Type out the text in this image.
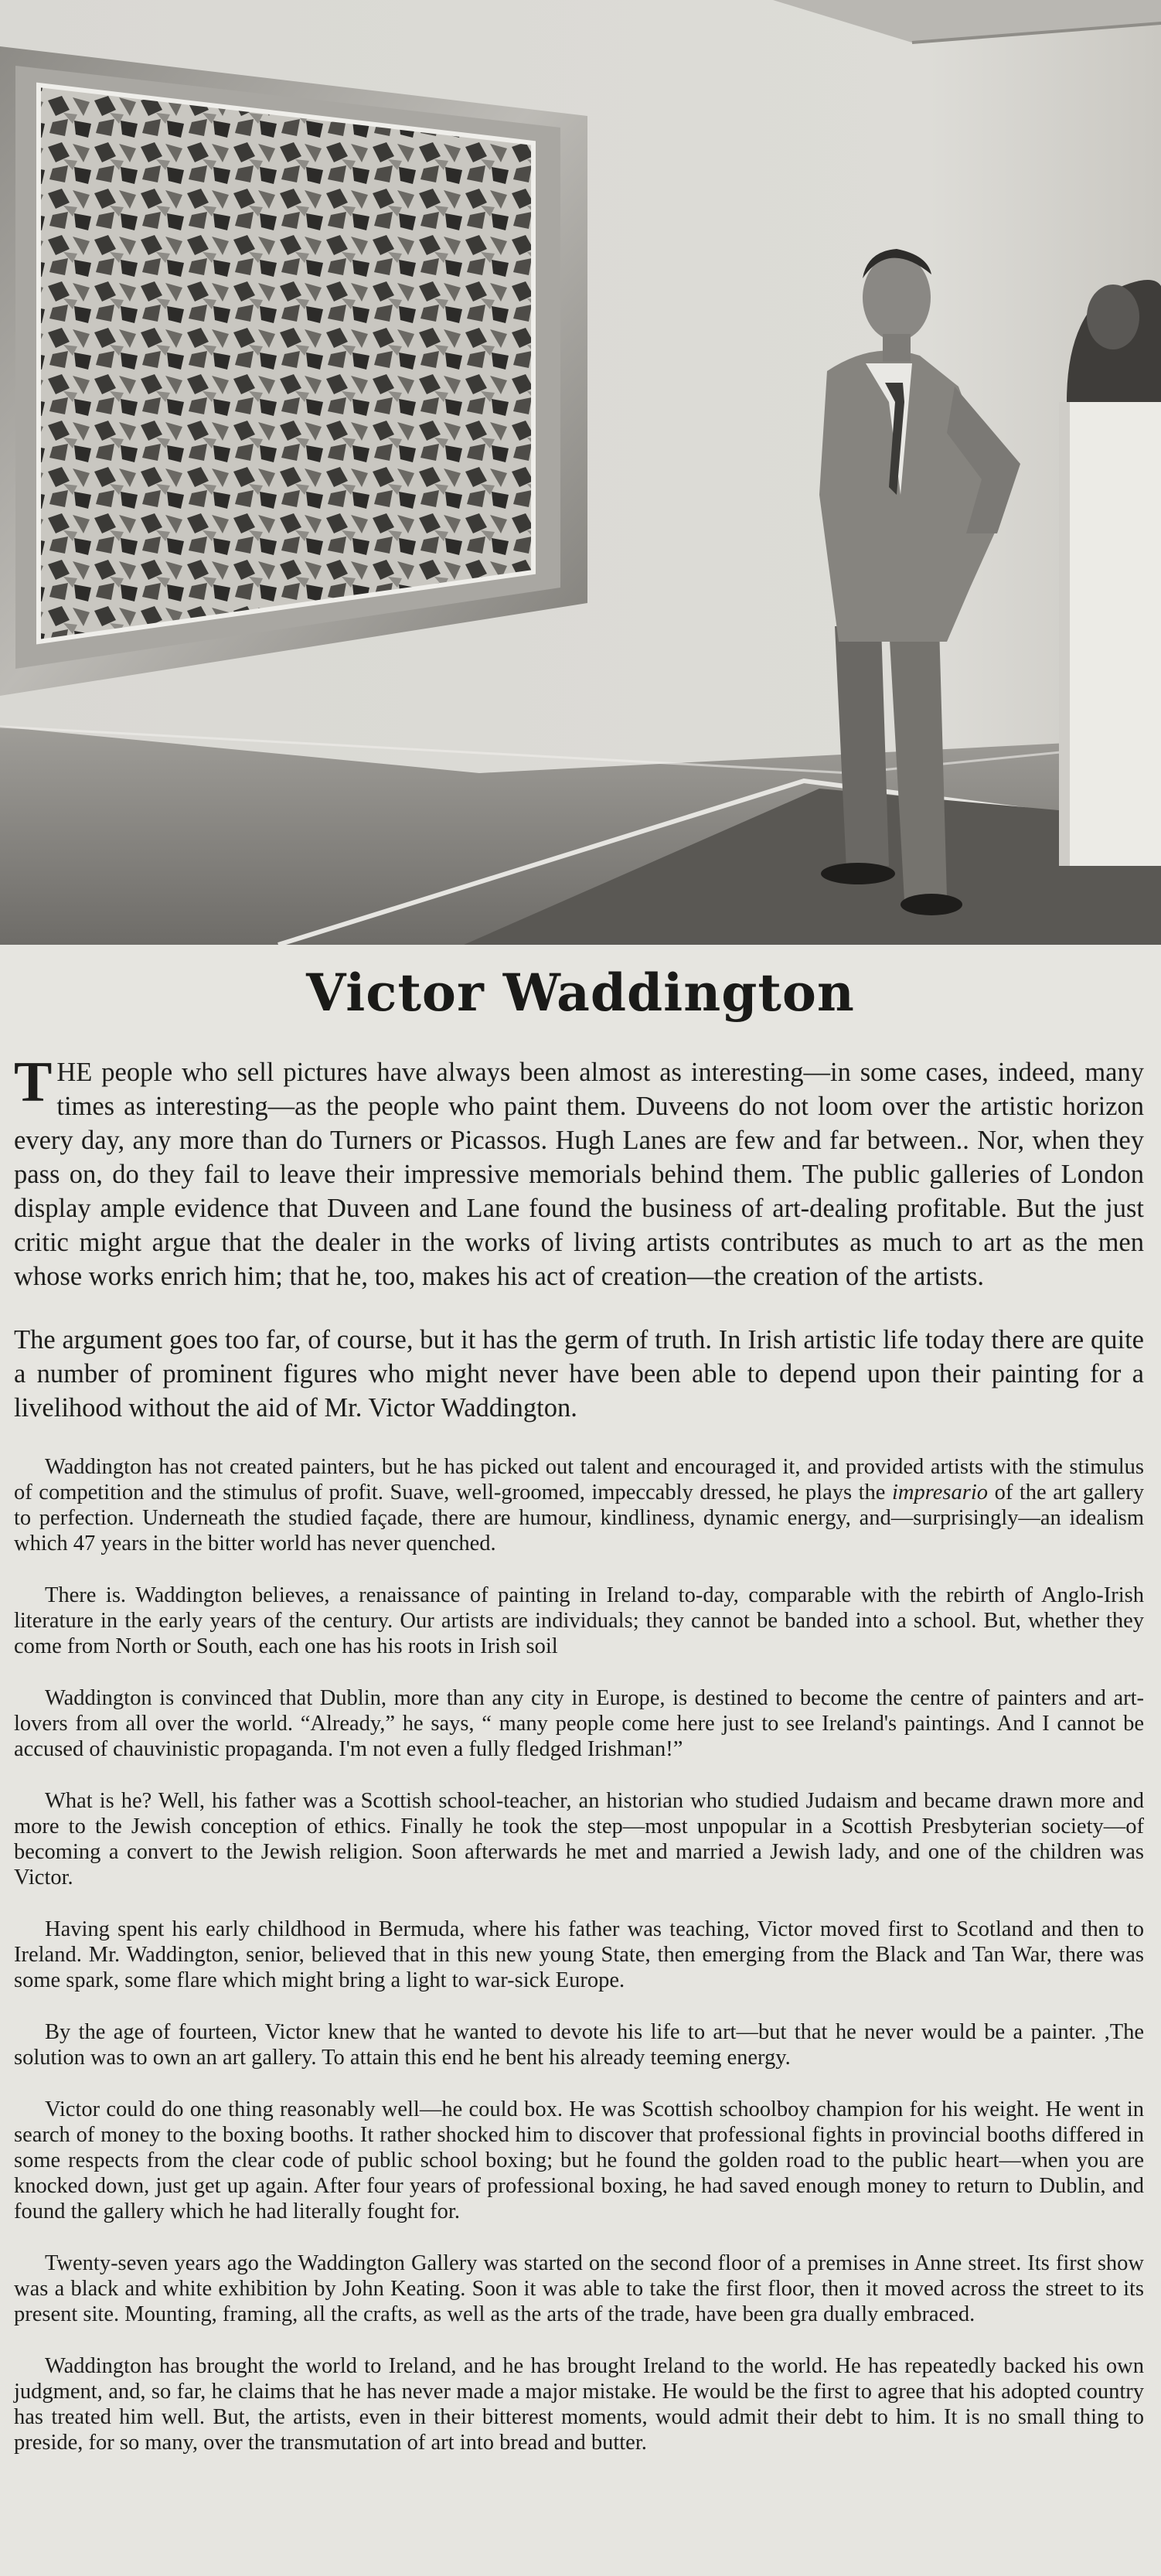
Victor Waddington

THE people who sell pictures have always been almost as interesting—in some cases, indeed, many times as interesting—as the people who paint them. Duveens do not loom over the artistic horizon every day, any more than do Turners or Picassos. Hugh Lanes are few and far between.. Nor, when they pass on, do they fail to leave their impressive memorials behind them. The public galleries of London display ample evidence that Duveen and Lane found the business of art-dealing profitable. But the just critic might argue that the dealer in the works of living artists contributes as much to art as the men whose works enrich him; that he, too, makes his act of creation—the creation of the artists.

The argument goes too far, of course, but it has the germ of truth. In Irish artistic life today there are quite a number of prominent figures who might never have been able to depend upon their painting for a livelihood without the aid of Mr. Victor Waddington.

Waddington has not created painters, but he has picked out talent and encouraged it, and provided artists with the stimulus of competition and the stimulus of profit. Suave, well-groomed, impeccably dressed, he plays the impresario of the art gallery to perfection. Underneath the studied façade, there are humour, kindliness, dynamic energy, and—surprisingly—an idealism which 47 years in the bitter world has never quenched.

There is. Waddington believes, a renaissance of painting in Ireland to-day, comparable with the rebirth of Anglo-Irish literature in the early years of the century. Our artists are individuals; they cannot be banded into a school. But, whether they come from North or South, each one has his roots in Irish soil

Waddington is convinced that Dublin, more than any city in Europe, is destined to become the centre of painters and art-lovers from all over the world. “Already,” he says, “ many people come here just to see Ireland's paintings. And I cannot be accused of chauvinistic propaganda. I'm not even a fully fledged Irishman!”

What is he? Well, his father was a Scottish school-teacher, an historian who studied Judaism and became drawn more and more to the Jewish conception of ethics. Finally he took the step—most unpopular in a Scottish Presbyterian society—of becoming a convert to the Jewish religion. Soon afterwards he met and married a Jewish lady, and one of the children was Victor.

Having spent his early childhood in Bermuda, where his father was teaching, Victor moved first to Scotland and then to Ireland. Mr. Waddington, senior, believed that in this new young State, then emerging from the Black and Tan War, there was some spark, some flare which might bring a light to war-sick Europe.

By the age of fourteen, Victor knew that he wanted to devote his life to art—but that he never would be a painter. ,The solution was to own an art gallery. To attain this end he bent his already teeming energy.

Victor could do one thing reasonably well—he could box. He was Scottish schoolboy champion for his weight. He went in search of money to the boxing booths. It rather shocked him to discover that professional fights in provincial booths differed in some respects from the clear code of public school boxing; but he found the golden road to the public heart—when you are knocked down, just get up again. After four years of professional boxing, he had saved enough money to return to Dublin, and found the gallery which he had literally fought for.

Twenty-seven years ago the Waddington Gallery was started on the second floor of a premises in Anne street. Its first show was a black and white exhibition by John Keating. Soon it was able to take the first floor, then it moved across the street to its present site. Mounting, framing, all the crafts, as well as the arts of the trade, have been gra dually embraced.

Waddington has brought the world to Ireland, and he has brought Ireland to the world. He has repeatedly backed his own judgment, and, so far, he claims that he has never made a major mistake. He would be the first to agree that his adopted country has treated him well. But, the artists, even in their bitterest moments, would admit their debt to him. It is no small thing to preside, for so many, over the transmutation of art into bread and butter.
